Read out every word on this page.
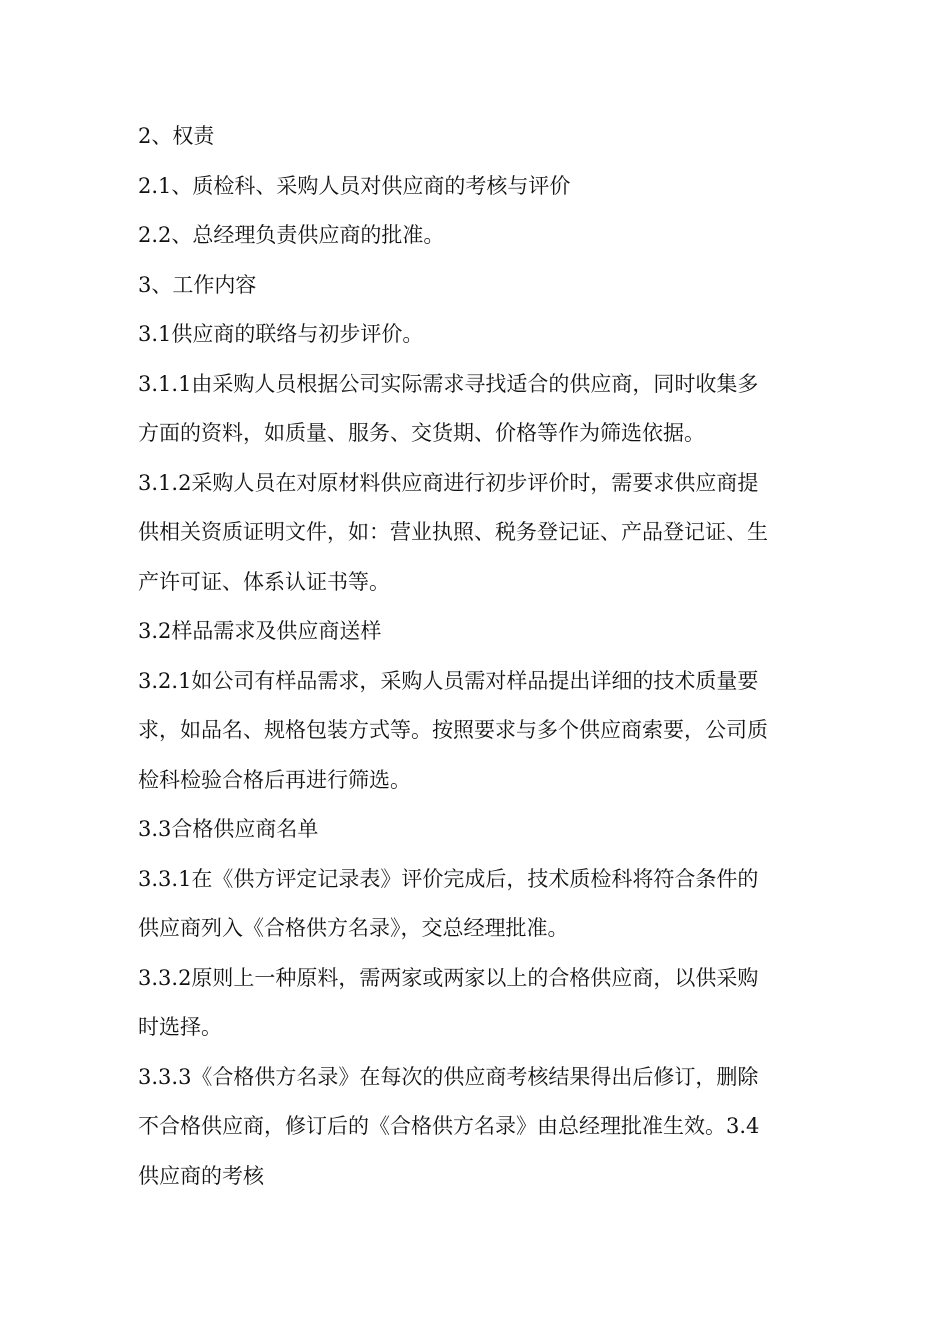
2、权责

2.1、质检科、采购人员对供应商的考核与评价

2.2、总经理负责供应商的批准。

3、工作内容

3.1供应商的联络与初步评价。

3.1.1由采购人员根据公司实际需求寻找适合的供应商，同时收集多

方面的资料，如质量、服务、交货期、价格等作为筛选依据。

3.1.2采购人员在对原材料供应商进行初步评价时，需要求供应商提

供相关资质证明文件，如：营业执照、税务登记证、产品登记证、生

产许可证、体系认证书等。

3.2样品需求及供应商送样

3.2.1如公司有样品需求，采购人员需对样品提出详细的技术质量要

求，如品名、规格包装方式等。按照要求与多个供应商索要，公司质

检科检验合格后再进行筛选。

3.3合格供应商名单

3.3.1在《供方评定记录表》评价完成后，技术质检科将符合条件的

供应商列入《合格供方名录》，交总经理批准。

3.3.2原则上一种原料，需两家或两家以上的合格供应商，以供采购

时选择。

3.3.3《合格供方名录》在每次的供应商考核结果得出后修订，删除

不合格供应商，修订后的《合格供方名录》由总经理批准生效。3.4

供应商的考核
